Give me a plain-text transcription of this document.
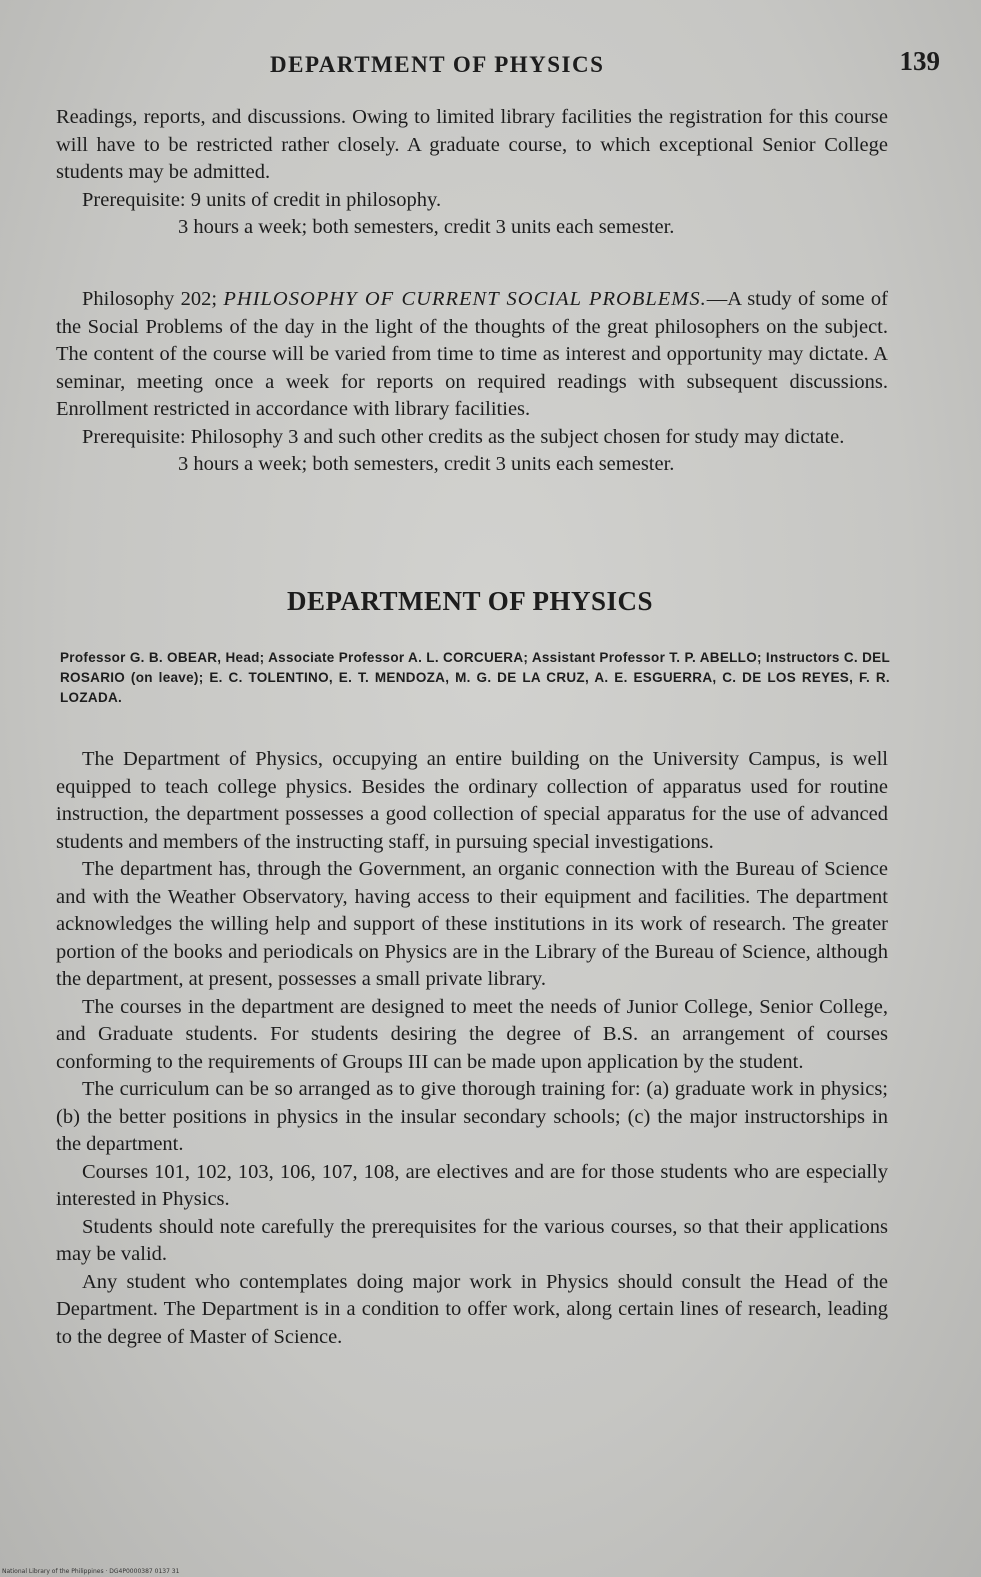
DEPARTMENT OF PHYSICS	139

Readings, reports, and discussions. Owing to limited library facilities the registration for this course will have to be restricted rather closely. A graduate course, to which exceptional Senior College students may be admitted.

Prerequisite: 9 units of credit in philosophy.

3 hours a week; both semesters, credit 3 units each semester.

Philosophy 202; PHILOSOPHY OF CURRENT SOCIAL PROBLEMS.—A study of some of the Social Problems of the day in the light of the thoughts of the great philosophers on the subject. The content of the course will be varied from time to time as interest and opportunity may dictate. A seminar, meeting once a week for reports on required readings with subsequent discussions. Enrollment restricted in accordance with library facilities.

Prerequisite: Philosophy 3 and such other credits as the subject chosen for study may dictate.

3 hours a week; both semesters, credit 3 units each semester.

DEPARTMENT OF PHYSICS
Professor G. B. OBEAR, Head; Associate Professor A. L. CORCUERA; Assistant Professor T. P. ABELLO; Instructors C. DEL ROSARIO (on leave); E. C. TOLENTINO, E. T. MENDOZA, M. G. DE LA CRUZ, A. E. ESGUERRA, C. DE LOS REYES, F. R. LOZADA.

The Department of Physics, occupying an entire building on the University Campus, is well equipped to teach college physics. Besides the ordinary collection of apparatus used for routine instruction, the department possesses a good collection of special apparatus for the use of advanced students and members of the instructing staff, in pursuing special investigations.

The department has, through the Government, an organic connection with the Bureau of Science and with the Weather Observatory, having access to their equipment and facilities. The department acknowledges the willing help and support of these institutions in its work of research. The greater portion of the books and periodicals on Physics are in the Library of the Bureau of Science, although the department, at present, possesses a small private library.

The courses in the department are designed to meet the needs of Junior College, Senior College, and Graduate students. For students desiring the degree of B.S. an arrangement of courses conforming to the requirements of Groups III can be made upon application by the student.

The curriculum can be so arranged as to give thorough training for: (a) graduate work in physics; (b) the better positions in physics in the insular secondary schools; (c) the major instructorships in the department.

Courses 101, 102, 103, 106, 107, 108, are electives and are for those students who are especially interested in Physics.

Students should note carefully the prerequisites for the various courses, so that their applications may be valid.

Any student who contemplates doing major work in Physics should consult the Head of the Department. The Department is in a condition to offer work, along certain lines of research, leading to the degree of Master of Science.

National Library of the Philippines · DG4P0000387 0137 31
